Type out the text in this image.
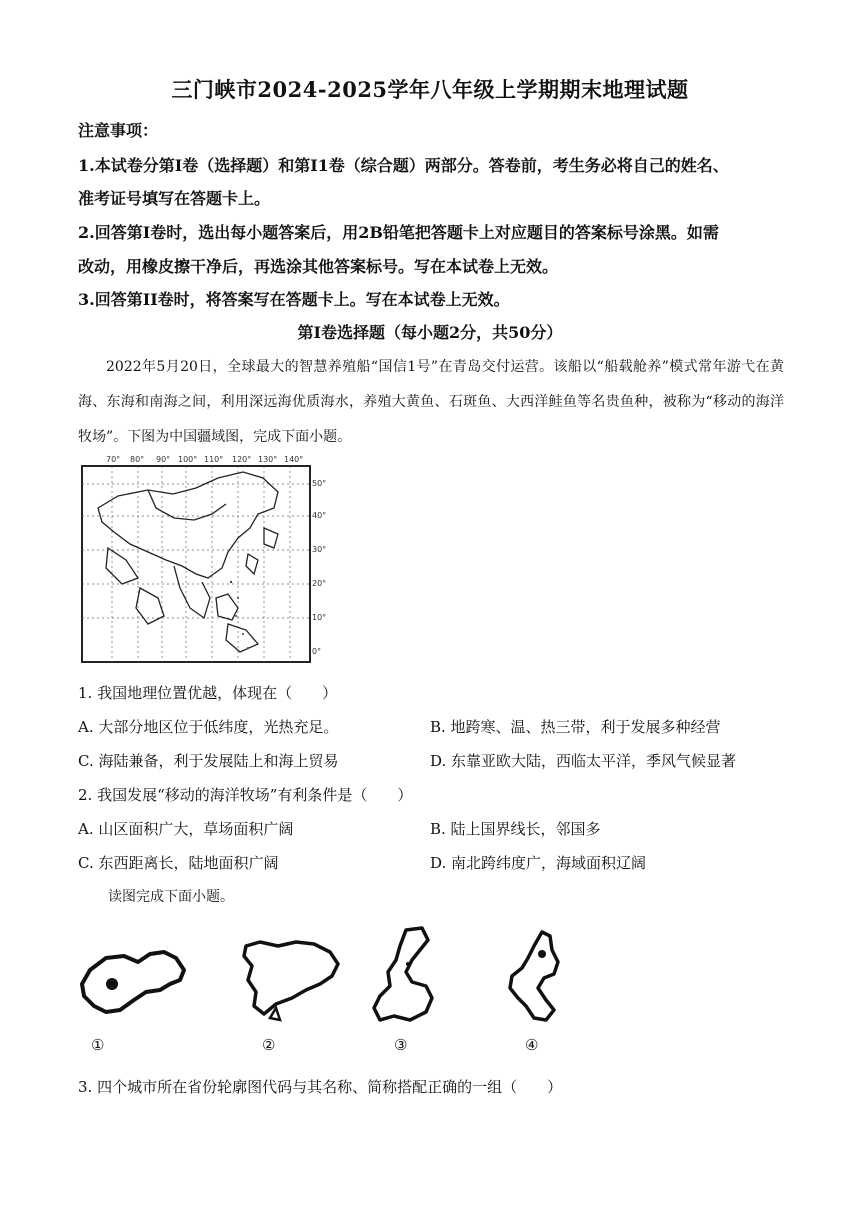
三门峡市2024-2025学年八年级上学期期末地理试题
注意事项：
1.本试卷分第I卷（选择题）和第I1卷（综合题）两部分。答卷前，考生务必将自己的姓名、
准考证号填写在答题卡上。
2.回答第I卷时，选出每小题答案后，用2B铅笔把答题卡上对应题目的答案标号涂黑。如需
改动，用橡皮擦干净后，再选涂其他答案标号。写在本试卷上无效。
3.回答第II卷时，将答案写在答题卡上。写在本试卷上无效。
第I卷选择题（每小题2分，共50分）
2022年5月20日，全球最大的智慧养殖船“国信1号”在青岛交付运营。该船以“船载舱养”模式常年游弋在黄海、东海和南海之间，利用深远海优质海水，养殖大黄鱼、石斑鱼、大西洋鲑鱼等名贵鱼种，被称为“移动的海洋牧场”。下图为中国疆域图，完成下面小题。
70° 80° 90° 100° 110° 120° 130° 140°
50°
40°
30°
20°
10°
0°
1. 我国地理位置优越，体现在（　　）
A. 大部分地区位于低纬度，光热充足。	B. 地跨寒、温、热三带，利于发展多种经营
C. 海陆兼备，利于发展陆上和海上贸易	D. 东靠亚欧大陆，西临太平洋，季风气候显著
2. 我国发展“移动的海洋牧场”有利条件是（　　）
A. 山区面积广大，草场面积广阔	B. 陆上国界线长，邻国多
C. 东西距离长，陆地面积广阔	D. 南北跨纬度广，海域面积辽阔
读图完成下面小题。
①	②	③	④
3. 四个城市所在省份轮廓图代码与其名称、简称搭配正确的一组（　　）
